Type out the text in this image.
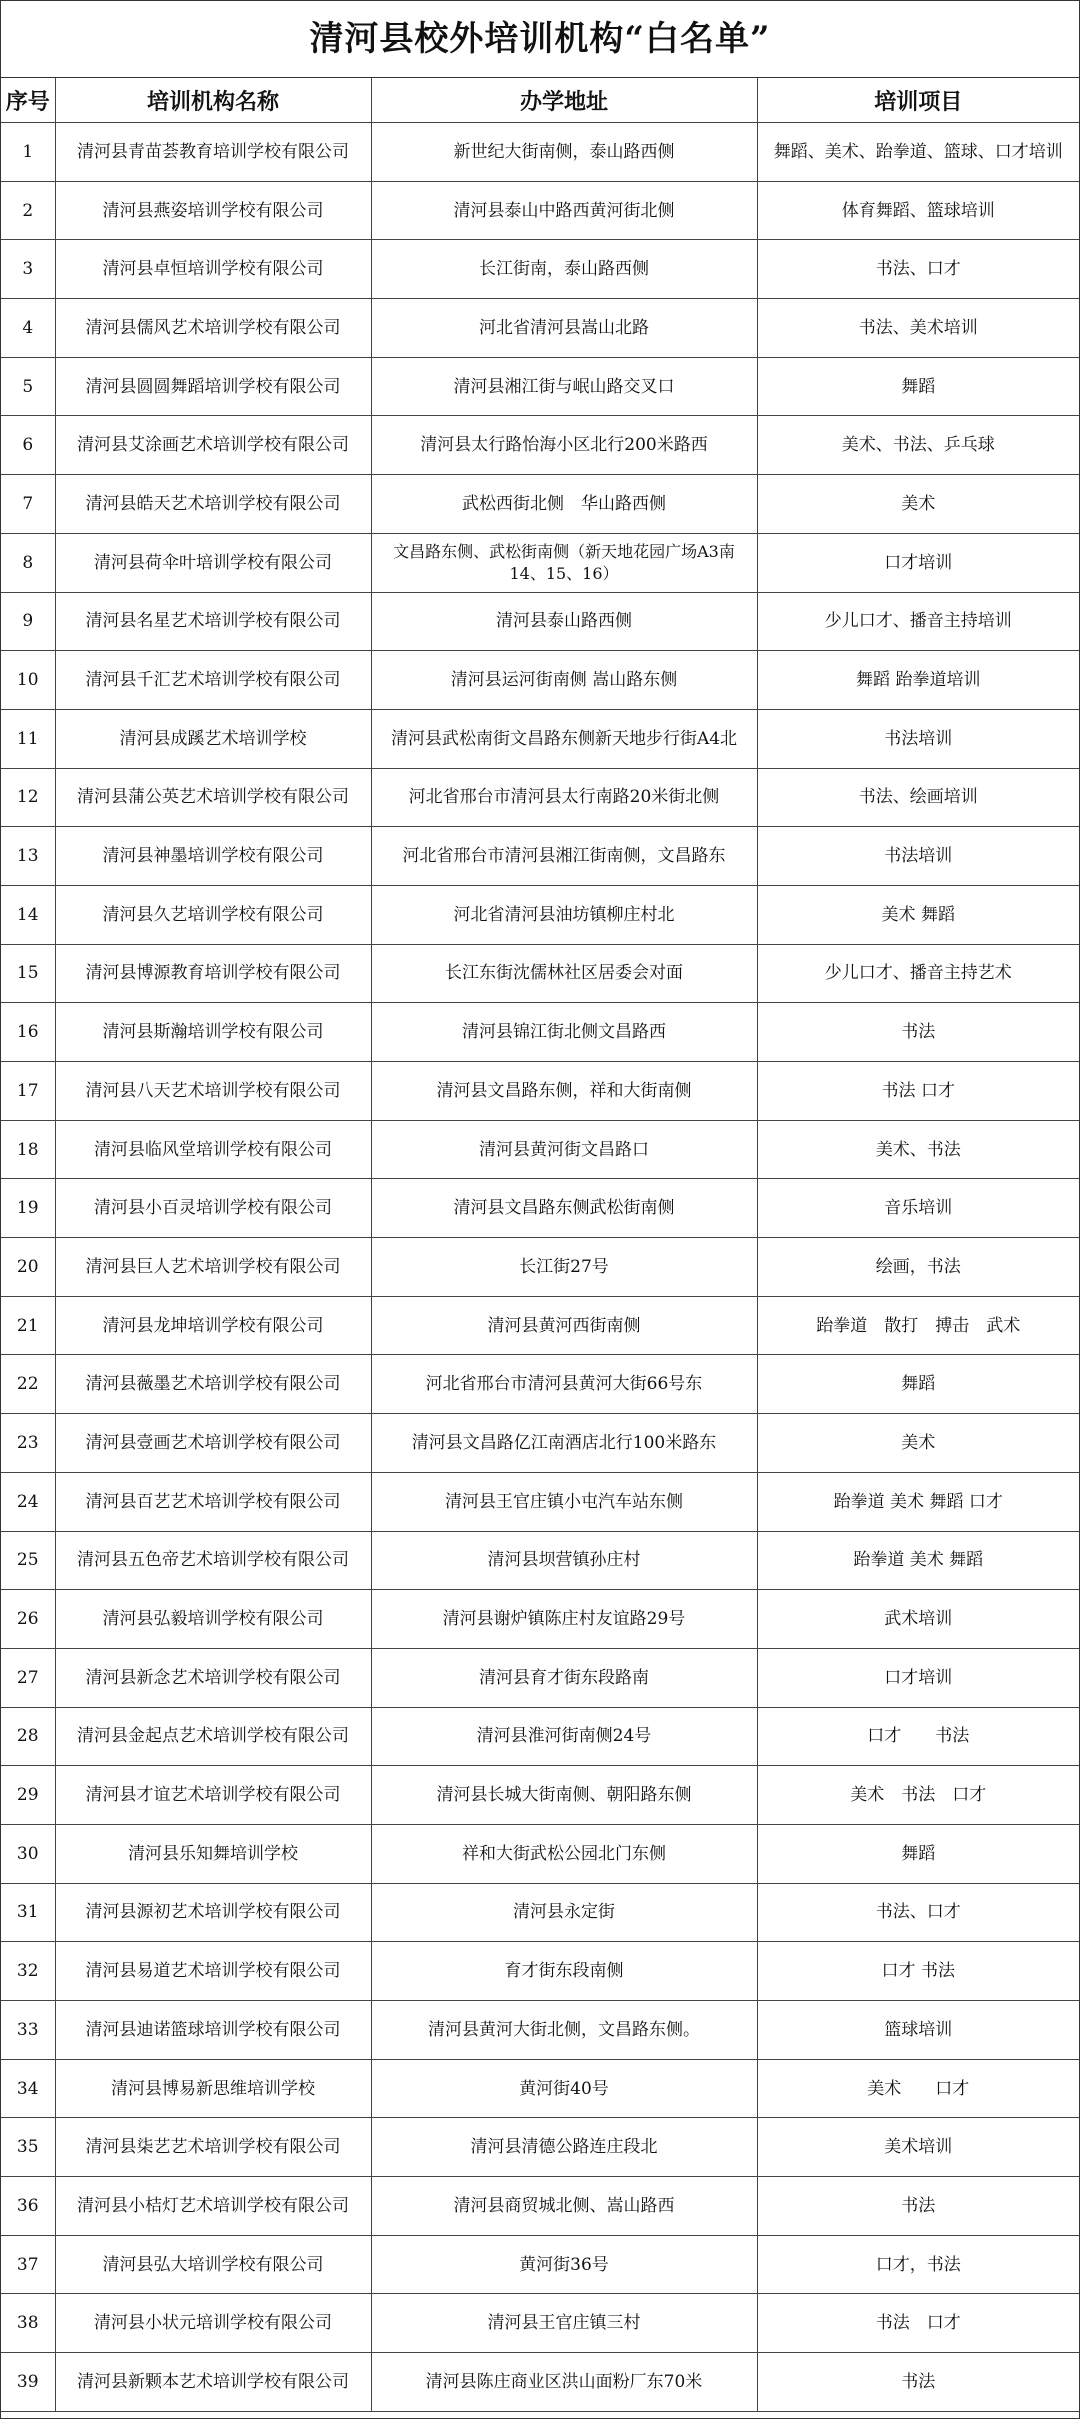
清河县校外培训机构“白名单”
序号	培训机构名称	办学地址	培训项目
1	清河县青苗荟教育培训学校有限公司	新世纪大街南侧，泰山路西侧	舞蹈、美术、跆拳道、篮球、口才培训
2	清河县燕姿培训学校有限公司	清河县泰山中路西黄河街北侧	体育舞蹈、篮球培训
3	清河县卓恒培训学校有限公司	长江街南，泰山路西侧	书法、口才
4	清河县儒风艺术培训学校有限公司	河北省清河县嵩山北路	书法、美术培训
5	清河县圆圆舞蹈培训学校有限公司	清河县湘江街与岷山路交叉口	舞蹈
6	清河县艾涂画艺术培训学校有限公司	清河县太行路怡海小区北行200米路西	美术、书法、乒乓球
7	清河县皓天艺术培训学校有限公司	武松西街北侧　华山路西侧	美术
8	清河县荷伞叶培训学校有限公司	文昌路东侧、武松街南侧（新天地花园广场A3南14、15、16）	口才培训
9	清河县名星艺术培训学校有限公司	清河县泰山路西侧	少儿口才、播音主持培训
10	清河县千汇艺术培训学校有限公司	清河县运河街南侧 嵩山路东侧	舞蹈 跆拳道培训
11	清河县成蹊艺术培训学校	清河县武松南街文昌路东侧新天地步行街A4北	书法培训
12	清河县蒲公英艺术培训学校有限公司	河北省邢台市清河县太行南路20米街北侧	书法、绘画培训
13	清河县神墨培训学校有限公司	河北省邢台市清河县湘江街南侧，文昌路东	书法培训
14	清河县久艺培训学校有限公司	河北省清河县油坊镇柳庄村北	美术 舞蹈
15	清河县博源教育培训学校有限公司	长江东街沈儒林社区居委会对面	少儿口才、播音主持艺术
16	清河县斯瀚培训学校有限公司	清河县锦江街北侧文昌路西	书法
17	清河县八天艺术培训学校有限公司	清河县文昌路东侧，祥和大街南侧	书法 口才
18	清河县临风堂培训学校有限公司	清河县黄河街文昌路口	美术、书法
19	清河县小百灵培训学校有限公司	清河县文昌路东侧武松街南侧	音乐培训
20	清河县巨人艺术培训学校有限公司	长江街27号	绘画，书法
21	清河县龙坤培训学校有限公司	清河县黄河西街南侧	跆拳道　散打　搏击　武术
22	清河县薇墨艺术培训学校有限公司	河北省邢台市清河县黄河大街66号东	舞蹈
23	清河县壹画艺术培训学校有限公司	清河县文昌路亿江南酒店北行100米路东	美术
24	清河县百艺艺术培训学校有限公司	清河县王官庄镇小屯汽车站东侧	跆拳道 美术 舞蹈 口才
25	清河县五色帝艺术培训学校有限公司	清河县坝营镇孙庄村	跆拳道 美术 舞蹈
26	清河县弘毅培训学校有限公司	清河县谢炉镇陈庄村友谊路29号	武术培训
27	清河县新念艺术培训学校有限公司	清河县育才街东段路南	口才培训
28	清河县金起点艺术培训学校有限公司	清河县淮河街南侧24号	口才　　书法
29	清河县才谊艺术培训学校有限公司	清河县长城大街南侧、朝阳路东侧	美术　书法　口才
30	清河县乐知舞培训学校	祥和大街武松公园北门东侧	舞蹈
31	清河县源初艺术培训学校有限公司	清河县永定街	书法、口才
32	清河县易道艺术培训学校有限公司	育才街东段南侧	口才 书法
33	清河县迪诺篮球培训学校有限公司	清河县黄河大街北侧，文昌路东侧。	篮球培训
34	清河县博易新思维培训学校	黄河街40号	美术　　口才
35	清河县柒艺艺术培训学校有限公司	清河县清德公路连庄段北	美术培训
36	清河县小桔灯艺术培训学校有限公司	清河县商贸城北侧、嵩山路西	书法
37	清河县弘大培训学校有限公司	黄河街36号	口才，书法
38	清河县小状元培训学校有限公司	清河县王官庄镇三村	书法　口才
39	清河县新颗本艺术培训学校有限公司	清河县陈庄商业区洪山面粉厂东70米	书法
